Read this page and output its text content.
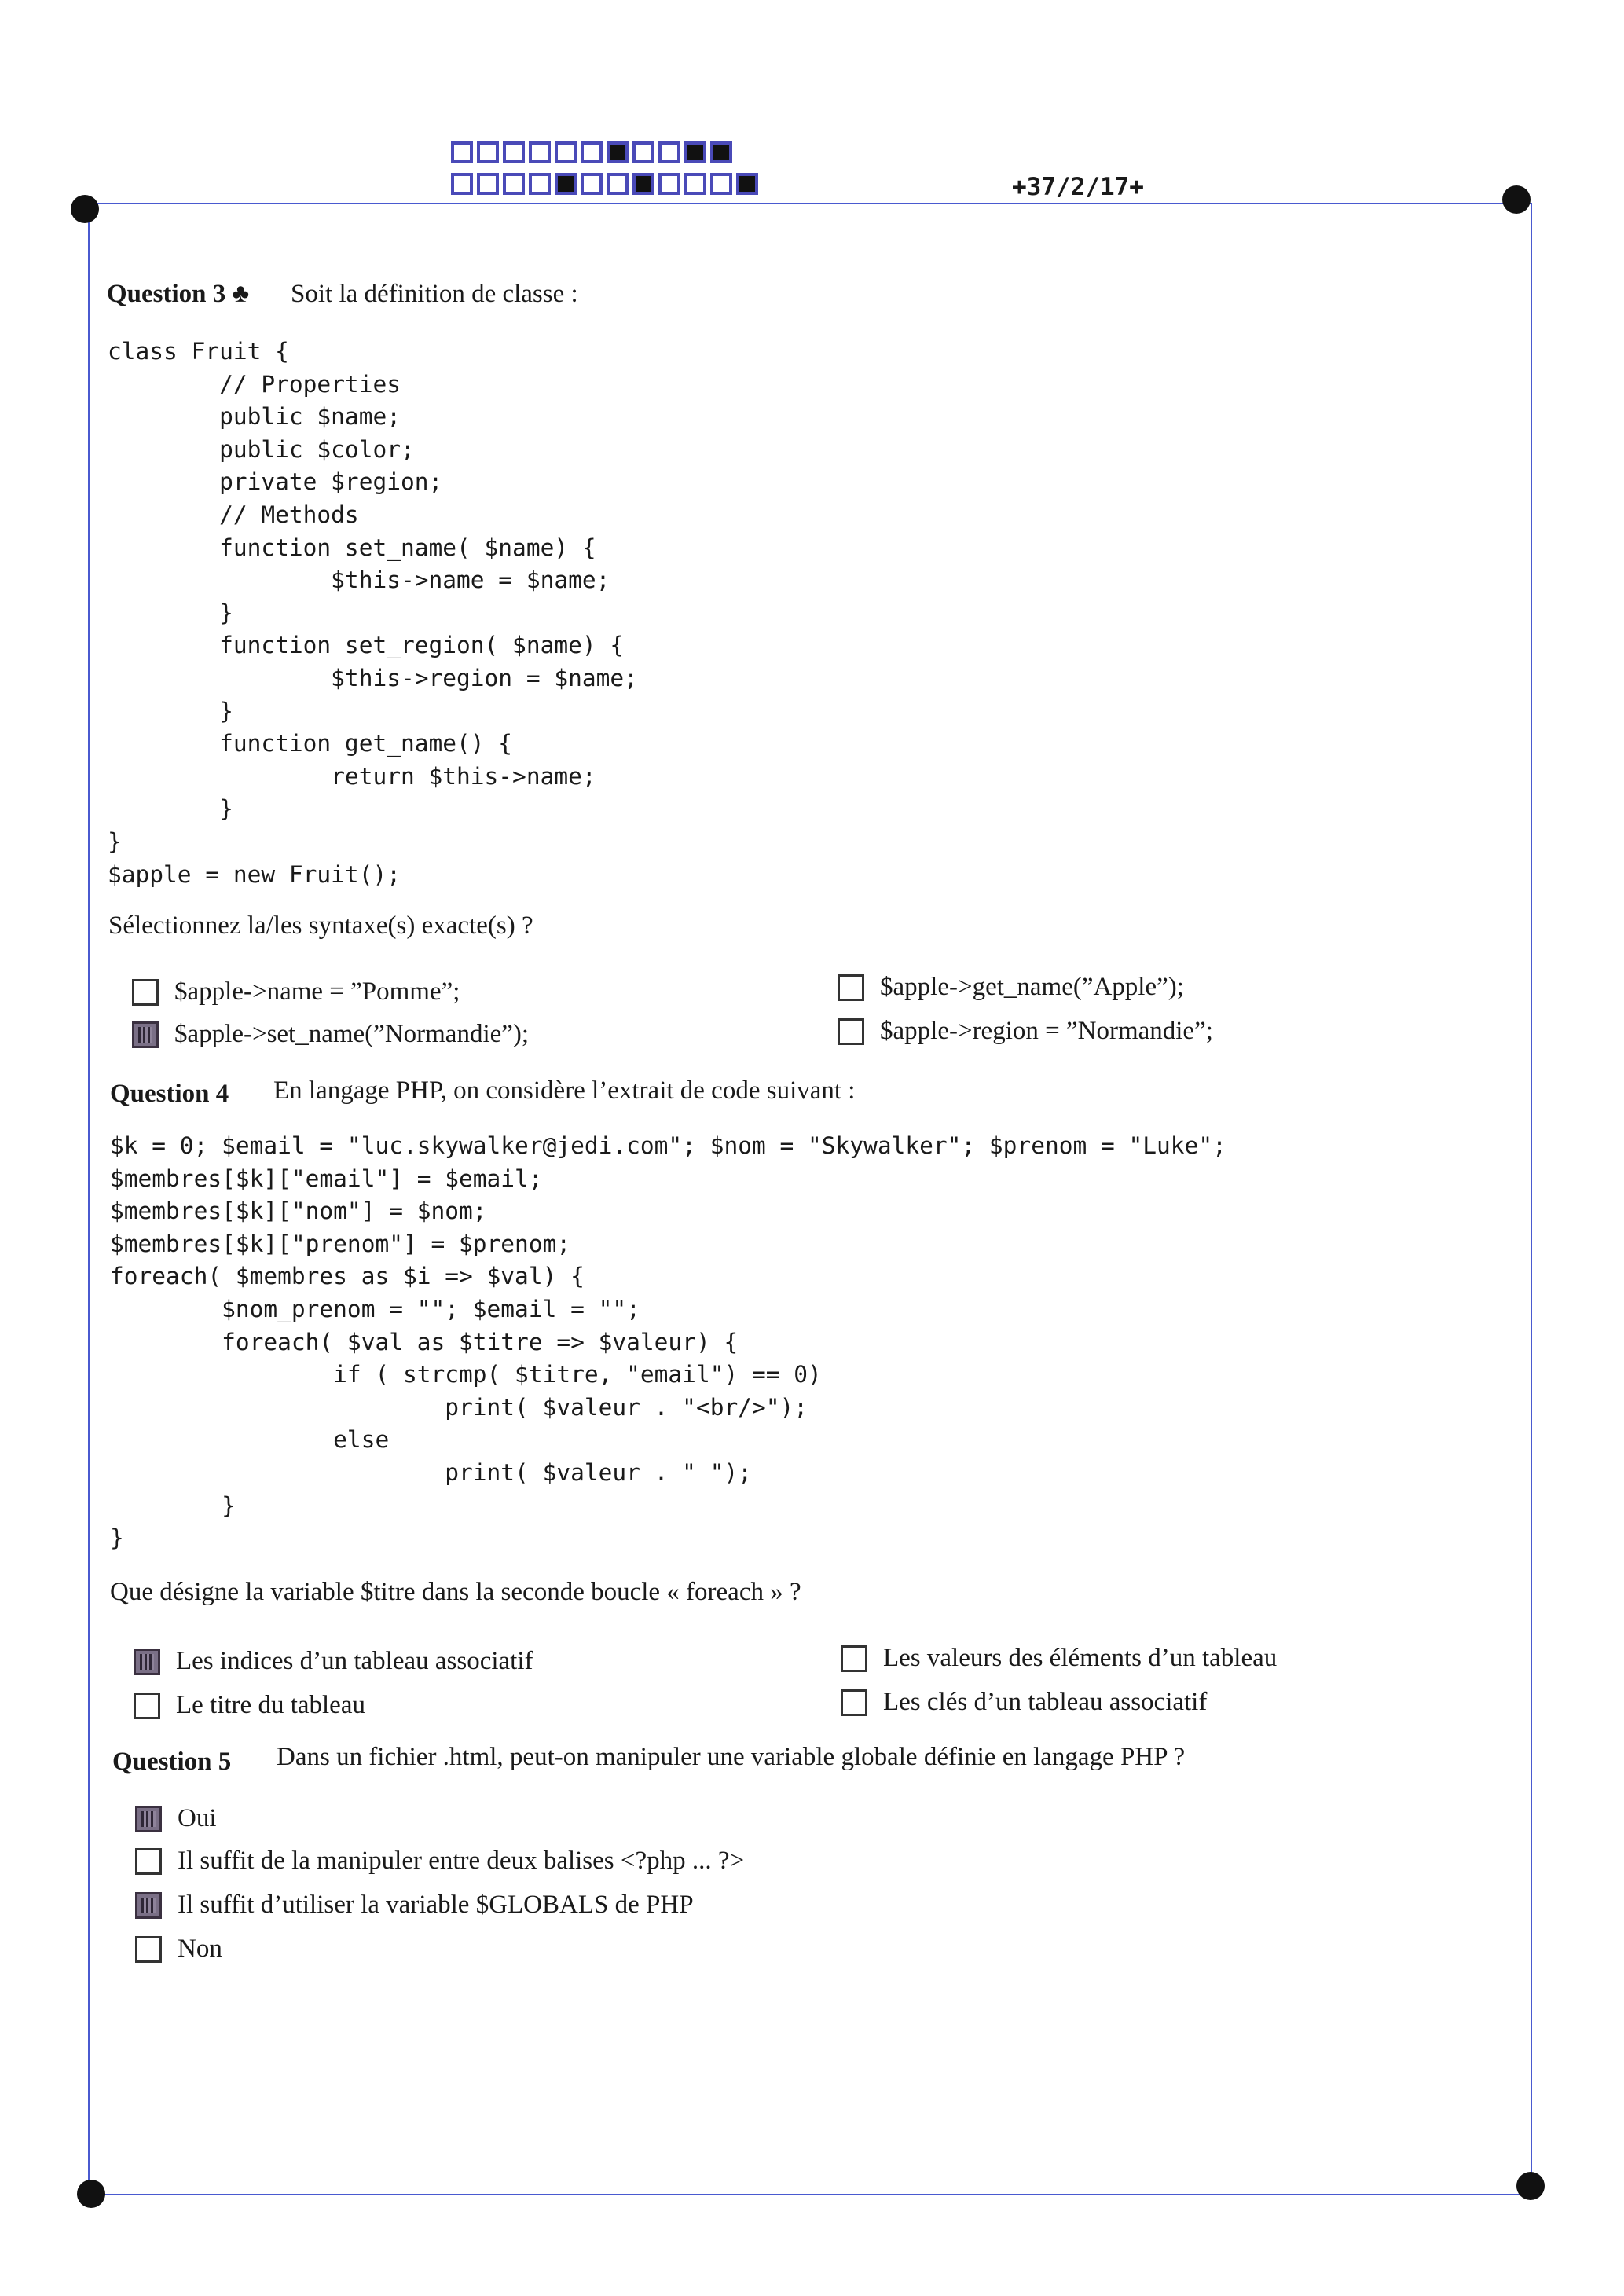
+37/2/17+
Question 3 ♣ Soit la définition de classe :
class Fruit {
// Properties
public $name;
public $color;
private $region;
// Methods
function set_name( $name) {
$this->name = $name;
}
function set_region( $name) {
$this->region = $name;
}
function get_name() {
return $this->name;
}
}
$apple = new Fruit();
Sélectionnez la/les syntaxe(s) exacte(s) ?
$apple->name = ”Pomme”;
$apple->set_name(”Normandie”);
$apple->get_name(”Apple”);
$apple->region = ”Normandie”;
Question 4 En langage PHP, on considère l’extrait de code suivant :
$k = 0; $email = "luc.skywalker@jedi.com"; $nom = "Skywalker"; $prenom = "Luke";
$membres[$k]["email"] = $email;
$membres[$k]["nom"] = $nom;
$membres[$k]["prenom"] = $prenom;
foreach( $membres as $i => $val) {
$nom_prenom = ""; $email = "";
foreach( $val as $titre => $valeur) {
if ( strcmp( $titre, "email") == 0)
print( $valeur . "<br/>");
else
print( $valeur . " ");
}
}
Que désigne la variable $titre dans la seconde boucle « foreach » ?
Les indices d’un tableau associatif
Le titre du tableau
Les valeurs des éléments d’un tableau
Les clés d’un tableau associatif
Question 5 Dans un fichier .html, peut-on manipuler une variable globale définie en langage PHP ?
Oui
Il suffit de la manipuler entre deux balises <?php ... ?>
Il suffit d’utiliser la variable $GLOBALS de PHP
Non
